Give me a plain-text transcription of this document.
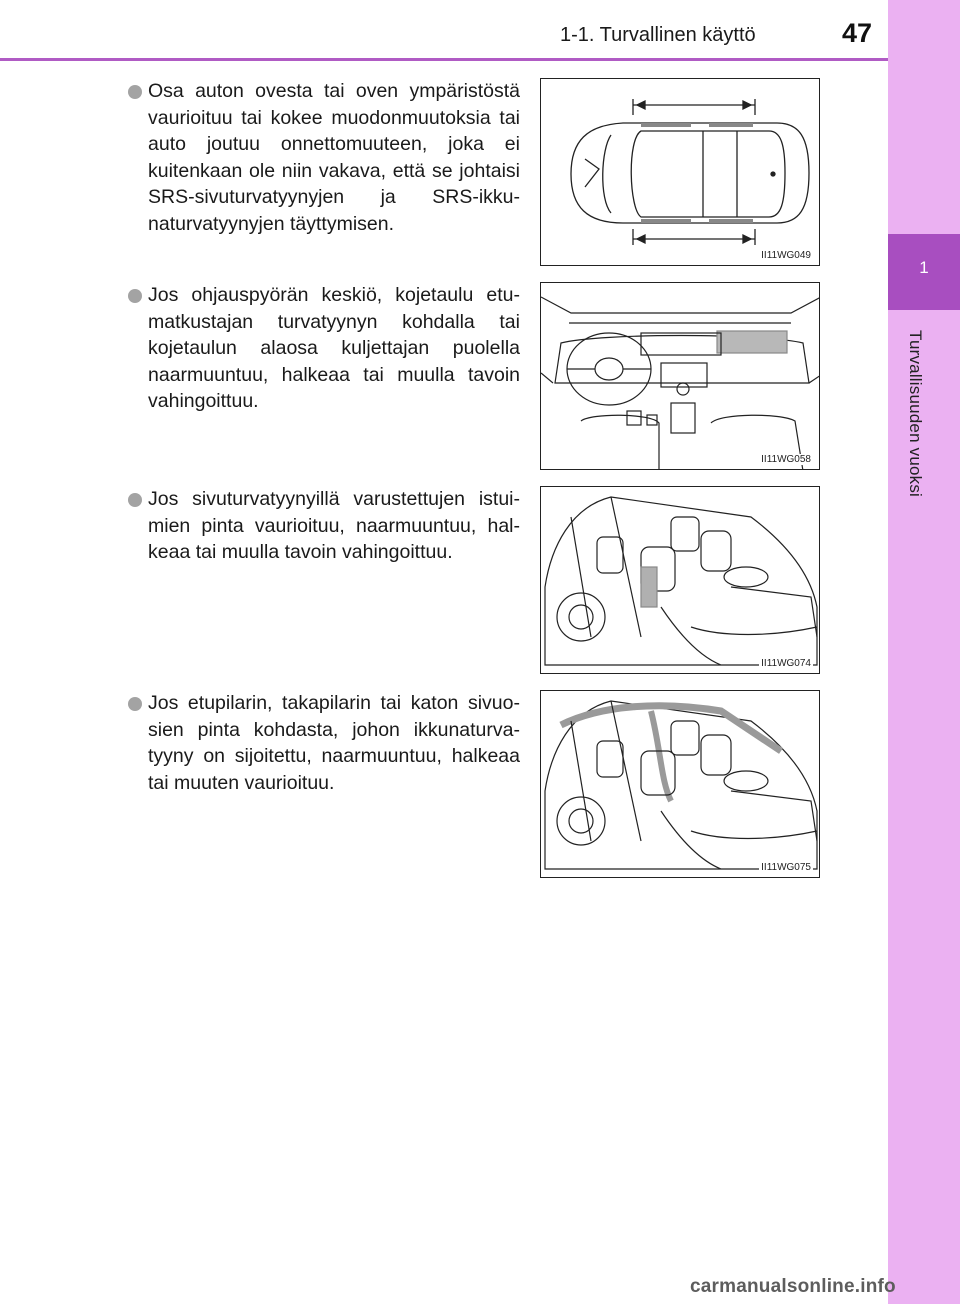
1-1. Turvallinen käyttö	47
1
Turvallisuuden vuoksi
Osa auton ovesta tai oven ympäristöstä vaurioituu tai kokee muodonmuutoksia tai auto joutuu onnettomuuteen, joka ei kuitenkaan ole niin vakava, että se johtaisi SRS-sivuturvatyynyjen ja SRS-ikkunaturvatyynyjen täyttymisen.
II11WG049
Jos ohjauspyörän keskiö, kojetaulu etumatkustajan turvatyynyn kohdalla tai kojetaulun alaosa kuljettajan puolella naarmuuntuu, halkeaa tai muulla tavoin vahingoittuu.
II11WG058
Jos sivuturvatyynyillä varustettujen istuimien pinta vaurioituu, naarmuuntuu, halkeaa tai muulla tavoin vahingoittuu.
II11WG074
Jos etupilarin, takapilarin tai katon sivuosien pinta kohdasta, johon ikkunaturvatyyny on sijoitettu, naarmuuntuu, halkeaa tai muuten vaurioituu.
II11WG075
carmanualsonline.info
